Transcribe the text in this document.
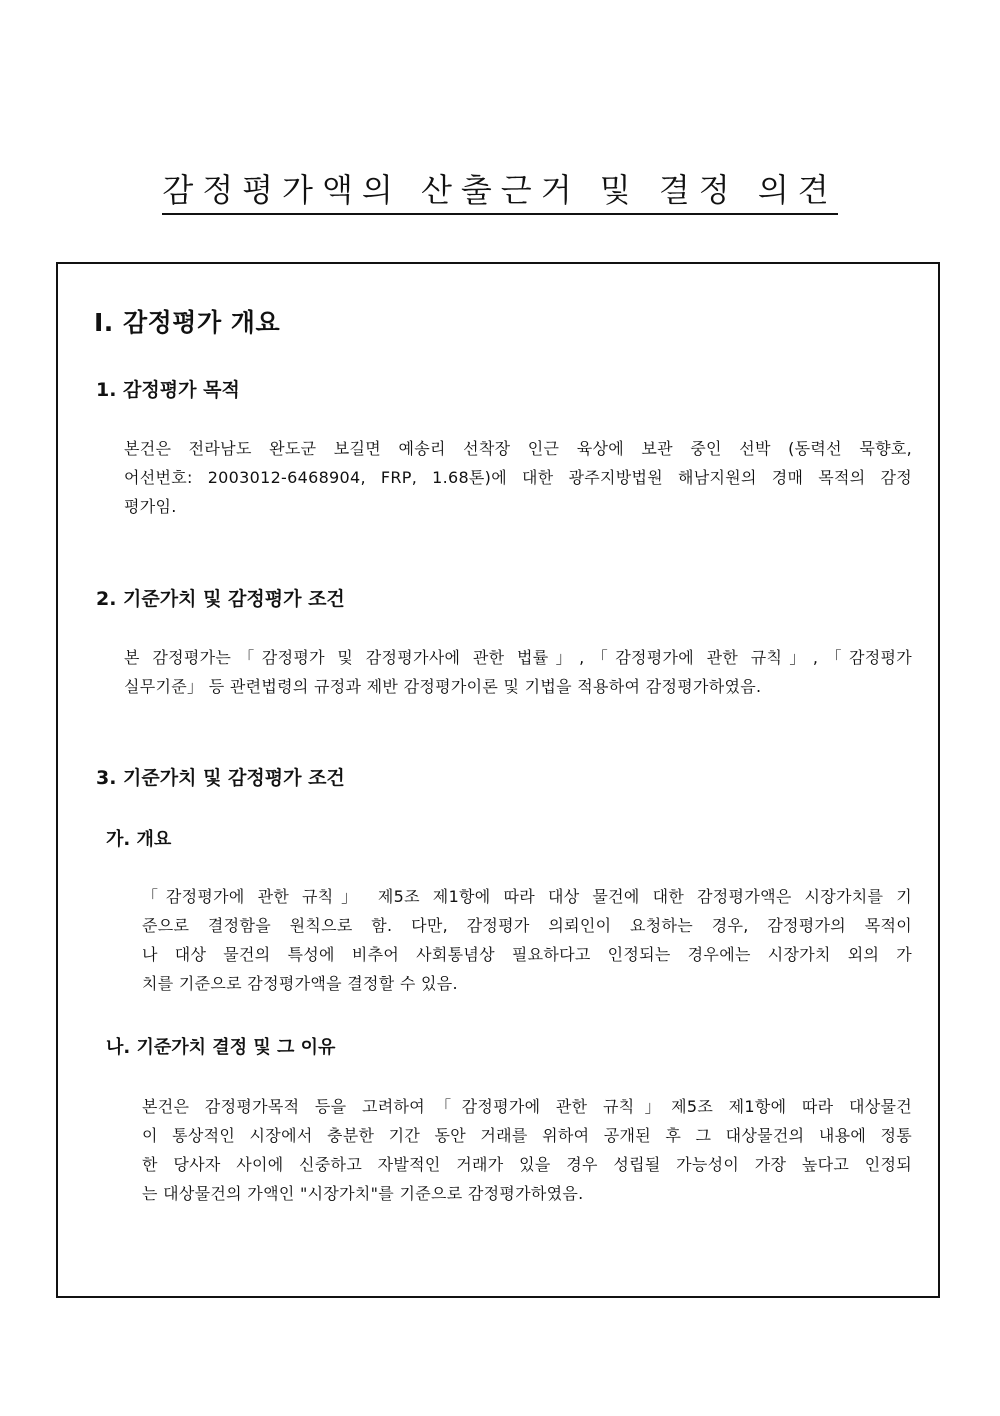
감정평가액의 산출근거 및 결정 의견
Ⅰ. 감정평가 개요
1. 감정평가 목적
본건은 전라남도 완도군 보길면 예송리 선착장 인근 육상에 보관 중인 선박 (동력선 묵향호,
어선번호: 2003012-6468904, FRP, 1.68톤)에 대한 광주지방법원 해남지원의 경매 목적의 감정
평가임.
2. 기준가치 및 감정평가 조건
본 감정평가는「감정평가 및 감정평가사에 관한 법률」,「감정평가에 관한 규칙」,「감정평가
실무기준」 등 관련법령의 규정과 제반 감정평가이론 및 기법을 적용하여 감정평가하였음.
3. 기준가치 및 감정평가 조건
가. 개요
「감정평가에 관한 규칙」 제5조 제1항에 따라 대상 물건에 대한 감정평가액은 시장가치를 기
준으로 결정함을 원칙으로 함. 다만, 감정평가 의뢰인이 요청하는 경우, 감정평가의 목적이
나 대상 물건의 특성에 비추어 사회통념상 필요하다고 인정되는 경우에는 시장가치 외의 가
치를 기준으로 감정평가액을 결정할 수 있음.
나. 기준가치 결정 및 그 이유
본건은 감정평가목적 등을 고려하여「감정평가에 관한 규칙」제5조 제1항에 따라 대상물건
이 통상적인 시장에서 충분한 기간 동안 거래를 위하여 공개된 후 그 대상물건의 내용에 정통
한 당사자 사이에 신중하고 자발적인 거래가 있을 경우 성립될 가능성이 가장 높다고 인정되
는 대상물건의 가액인 "시장가치"를 기준으로 감정평가하였음.
